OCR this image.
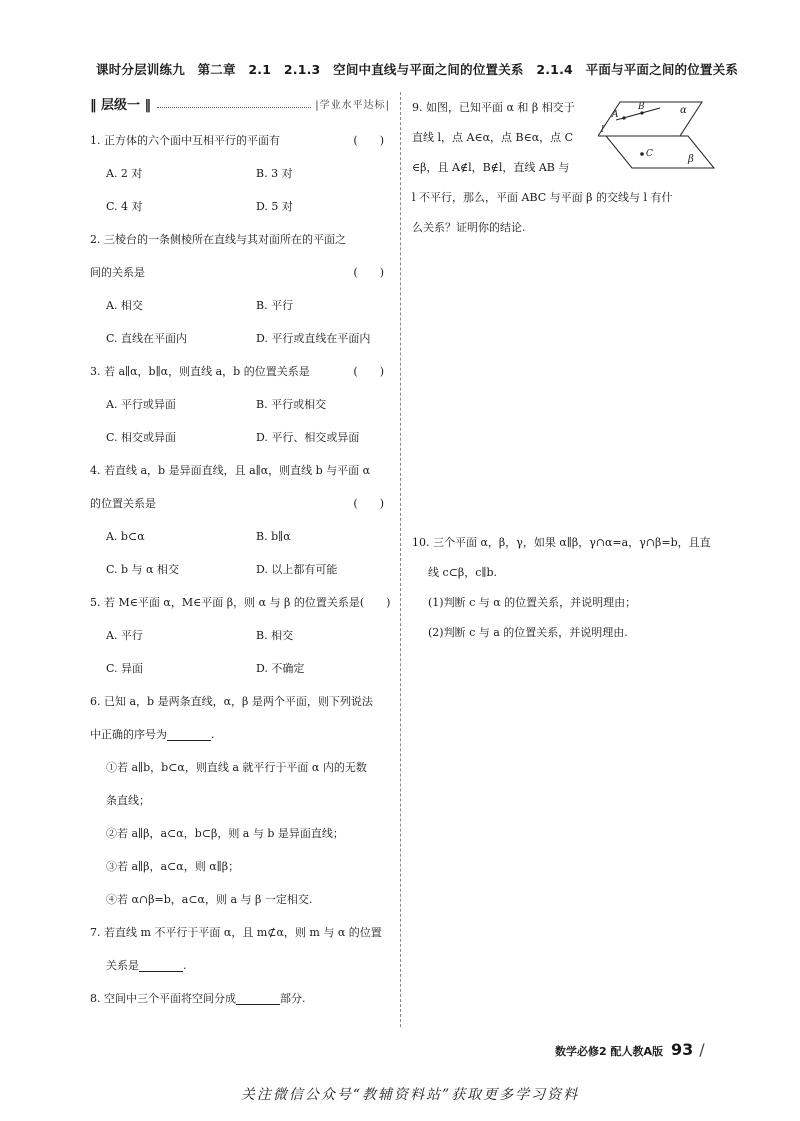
课时分层训练九　第二章　2.1　2.1.3　空间中直线与平面之间的位置关系　2.1.4　平面与平面之间的位置关系
‖ 层级一 ‖	|学业水平达标|
1. 正方体的六个面中互相平行的平面有	(　　)
A. 2 对	B. 3 对
C. 4 对	D. 5 对
2. 三棱台的一条侧棱所在直线与其对面所在的平面之
间的关系是	(　　)
A. 相交	B. 平行
C. 直线在平面内	D. 平行或直线在平面内
3. 若 a∥α，b∥α，则直线 a，b 的位置关系是	(　　)
A. 平行或异面	B. 平行或相交
C. 相交或异面	D. 平行、相交或异面
4. 若直线 a，b 是异面直线，且 a∥α，则直线 b 与平面 α
的位置关系是	(　　)
A. b⊂α	B. b∥α
C. b 与 α 相交	D. 以上都有可能
5. 若 M∈平面 α，M∈平面 β，则 α 与 β 的位置关系是 (　　)
A. 平行	B. 相交
C. 异面	D. 不确定
6. 已知 a，b 是两条直线，α，β 是两个平面，则下列说法
中正确的序号为	.
①若 a∥b，b⊂α，则直线 a 就平行于平面 α 内的无数
条直线；
②若 a∥β，a⊂α，b⊂β，则 a 与 b 是异面直线；
③若 a∥β，a⊂α，则 α∥β；
④若 α∩β=b，a⊂α，则 a 与 β 一定相交.
7. 若直线 m 不平行于平面 α，且 m⊄α，则 m 与 α 的位置
关系是	.
8. 空间中三个平面将空间分成	部分.
9. 如图，已知平面 α 和 β 相交于
直线 l，点 A∈α，点 B∈α，点 C
∈β，且 A∉l，B∉l，直线 AB 与
l 不平行，那么，平面 ABC 与平面 β 的交线与 l 有什
么关系？证明你的结论.
A
B
C
α
β
l
10. 三个平面 α，β，γ，如果 α∥β，γ∩α=a，γ∩β=b，且直
线 c⊂β，c∥b.
(1)判断 c 与 α 的位置关系，并说明理由；
(2)判断 c 与 a 的位置关系，并说明理由.
数学必修2 配人教A版 93 /
关注微信公众号“教辅资料站”获取更多学习资料
